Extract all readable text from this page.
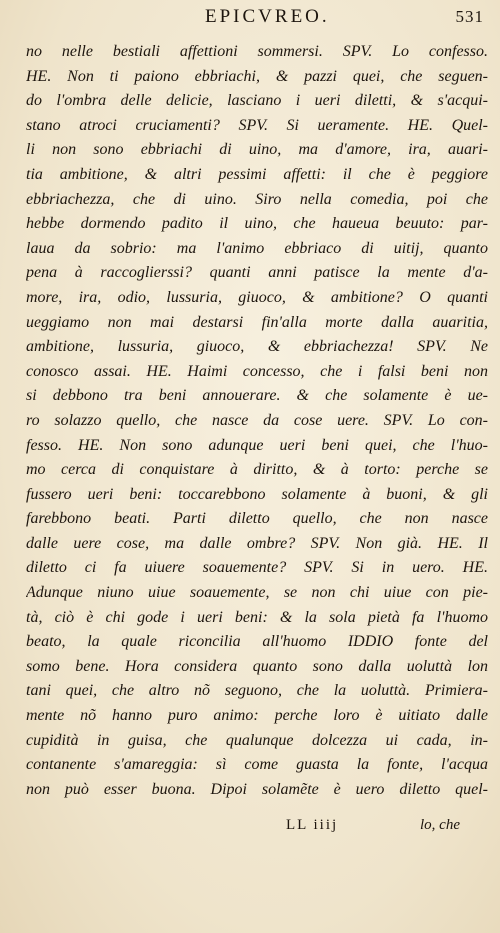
EPICVREO.	531
no nelle bestiali affettioni sommersi. SPV. Lo confesso.
HE. Non ti paiono ebbriachi, & pazzi quei, che seguen-
do l'ombra delle delicie, lasciano i ueri diletti, & s'acqui-
stano atroci cruciamenti? SPV. Si ueramente. HE. Quel-
li non sono ebbriachi di uino, ma d'amore, ira, auari-
tia ambitione, & altri pessimi affetti: il che è peggiore
ebbriachezza, che di uino. Siro nella comedia, poi che
hebbe dormendo padito il uino, che haueua beuuto: par-
laua da sobrio: ma l'animo ebbriaco di uitij, quanto
pena à raccoglierssi? quanti anni patisce la mente d'a-
more, ira, odio, lussuria, giuoco, & ambitione? O quanti
ueggiamo non mai destarsi fin'alla morte dalla auaritia,
ambitione, lussuria, giuoco, & ebbriachezza! SPV. Ne
conosco assai. HE. Haimi concesso, che i falsi beni non
si debbono tra beni annouerare. & che solamente è ue-
ro solazzo quello, che nasce da cose uere. SPV. Lo con-
fesso. HE. Non sono adunque ueri beni quei, che l'huo-
mo cerca di conquistare à diritto, & à torto: perche se
fussero ueri beni: toccarebbono solamente à buoni, & gli
farebbono beati. Parti diletto quello, che non nasce
dalle uere cose, ma dalle ombre? SPV. Non già. HE. Il
diletto ci fa uiuere soauemente? SPV. Si in uero. HE.
Adunque niuno uiue soauemente, se non chi uiue con pie-
tà, ciò è chi gode i ueri beni: & la sola pietà fa l'huomo
beato, la quale riconcilia all'huomo IDDIO fonte del
somo bene. Hora considera quanto sono dalla uoluttà lon
tani quei, che altro nõ seguono, che la uoluttà. Primiera-
mente nõ hanno puro animo: perche loro è uitiato dalle
cupidità in guisa, che qualunque dolcezza ui cada, in-
contanente s'amareggia: sì come guasta la fonte, l'acqua
non può esser buona. Dipoi solamẽte è uero diletto quel-
LL iiij	lo, che
